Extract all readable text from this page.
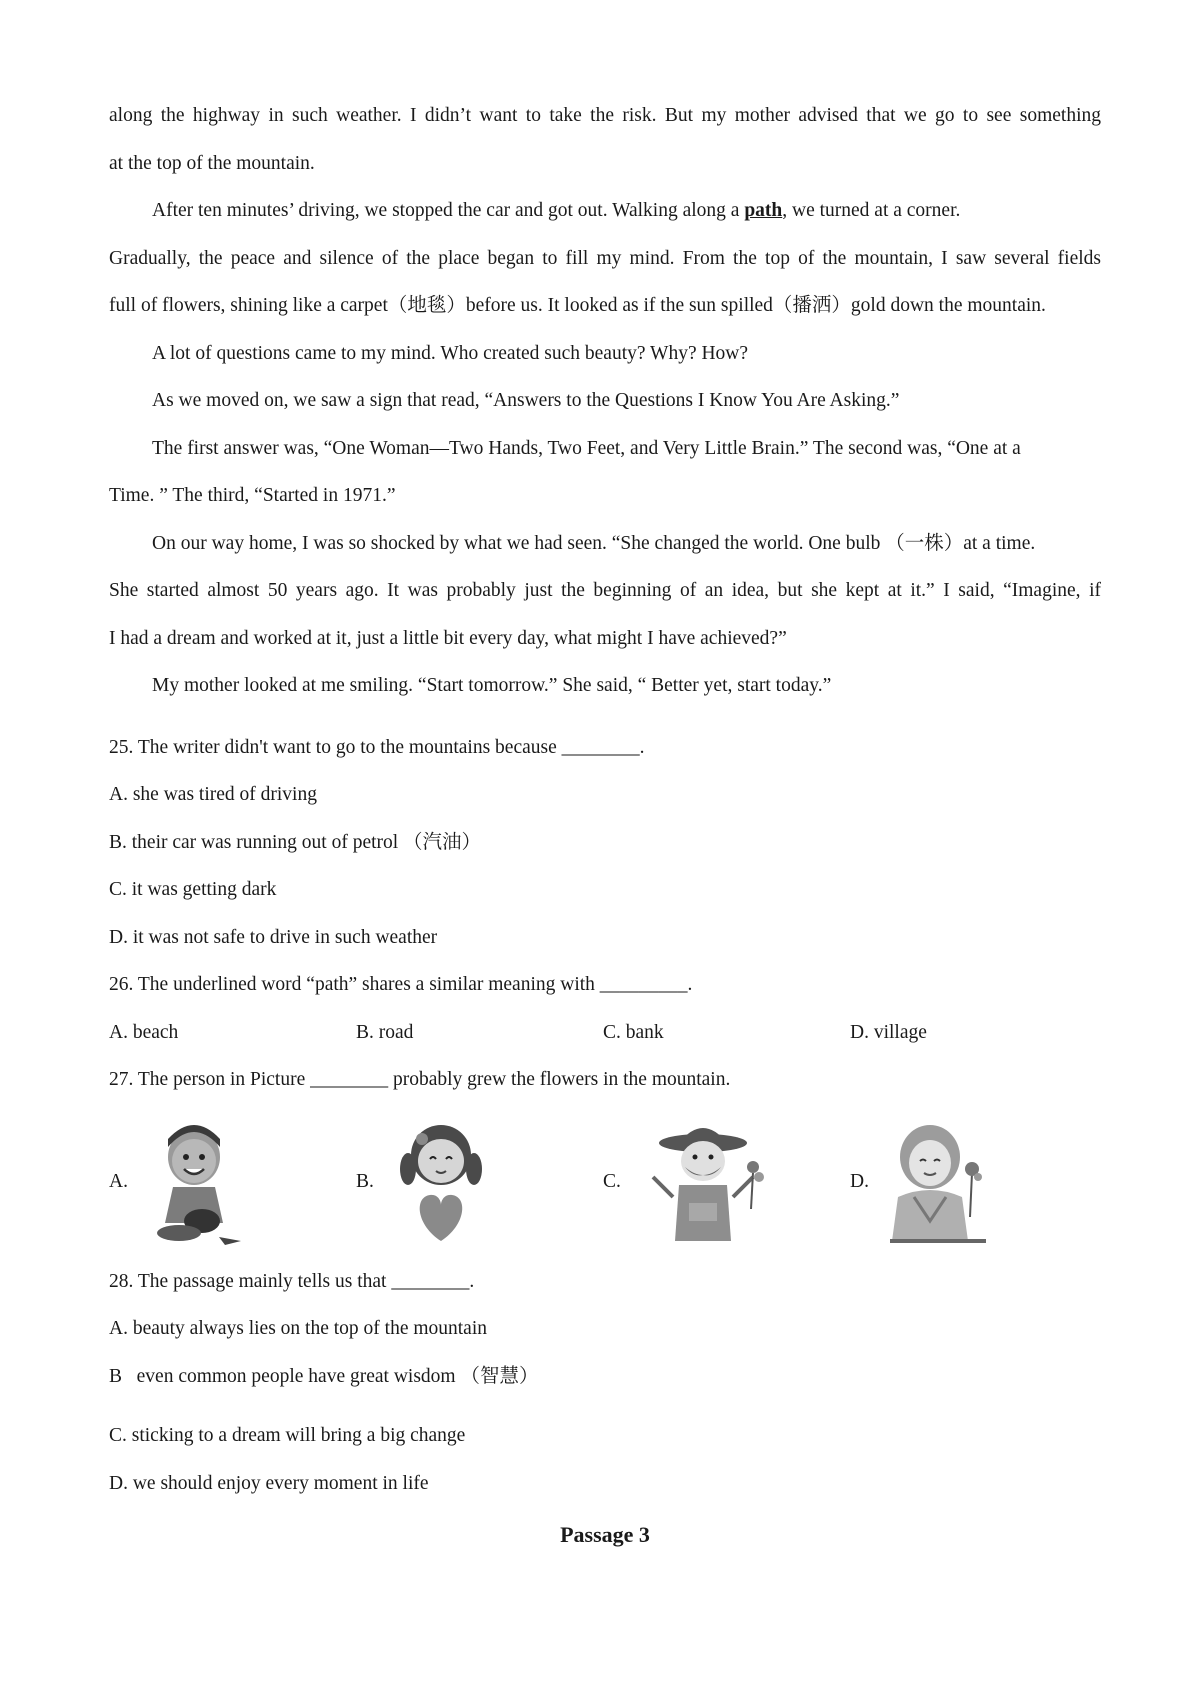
along the highway in such weather. I didn’t want to take the risk. But my mother advised that we go to see something
at the top of the mountain.
After ten minutes’ driving, we stopped the car and got out. Walking along a path, we turned at a corner.
Gradually, the peace and silence of the place began to fill my mind. From the top of the mountain, I saw several fields
full of flowers, shining like a carpet（地毯）before us. It looked as if the sun spilled（播洒）gold down the mountain.
A lot of questions came to my mind. Who created such beauty? Why? How?
As we moved on, we saw a sign that read, “Answers to the Questions I Know You Are Asking.”
The first answer was, “One Woman—Two Hands, Two Feet, and Very Little Brain.” The second was, “One at a
Time. ” The third, “Started in 1971.”
On our way home, I was so shocked by what we had seen. “She changed the world. One bulb （一株）at a time.
She started almost 50 years ago. It was probably just the beginning of an idea, but she kept at it.” I said, “Imagine, if
I had a dream and worked at it, just a little bit every day, what might I have achieved?”
My mother looked at me smiling. “Start tomorrow.” She said, “ Better yet, start today.”
25. The writer didn't want to go to the mountains because ________.
A. she was tired of driving
B. their car was running out of petrol （汽油）
C. it was getting dark
D. it was not safe to drive in such weather
26. The underlined word “path” shares a similar meaning with _________.
A. beach	B. road	C. bank	D. village
27. The person in Picture ________ probably grew the flowers in the mountain.
A.	B.	C.	D.
28. The passage mainly tells us that ________.
A. beauty always lies on the top of the mountain
B   even common people have great wisdom （智慧）
C. sticking to a dream will bring a big change
D. we should enjoy every moment in life
Passage 3
